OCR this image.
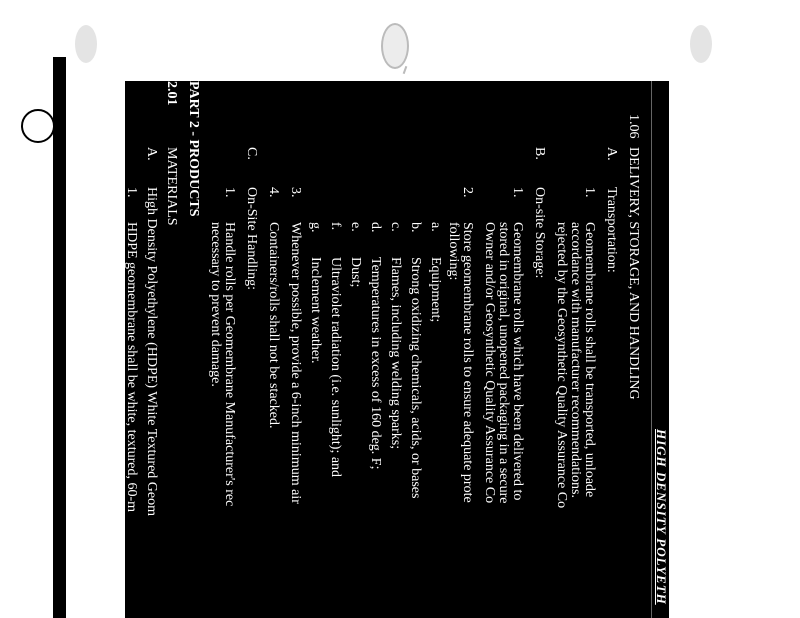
HIGH DENSITY POLYETH
1.06
DELIVERY, STORAGE, AND HANDLING
A.
Transportation:
1.
Geomembrane rolls shall be transported, unloade
accordance with manufacturer recommendations.
rejected by the Geosynthetic Quality Assurance Co
B.
On-site Storage:
1.
Geomembrane rolls which have been delivered to
stored in original, unopened packaging in a secure
Owner and/or Geosynthetic Quality Assurance Co
2.
Store geomembrane rolls to ensure adequate prote
following:
a.
Equipment;
b.
Strong oxidizing chemicals, acids, or bases
c.
Flames, including welding sparks;
d.
Temperatures in excess of 160 deg. F;
e.
Dust;
f.
Ultraviolet radiation (i.e. sunlight); and
g.
Inclement weather.
3.
Whenever possible, provide a 6-inch minimum air
4.
Containers/rolls shall not be stacked.
C.
On-Site Handling:
1.
Handle rolls per Geomembrane Manufacturer's rec
necessary to prevent damage.
PART 2 - PRODUCTS
2.01
MATERIALS
A.
High Density Polyethylene (HDPE) White Textured Geom
1.
HDPE geomembrane shall be white, textured, 60-m
Engineer and/or Geosynthetic Quality Assurance C
